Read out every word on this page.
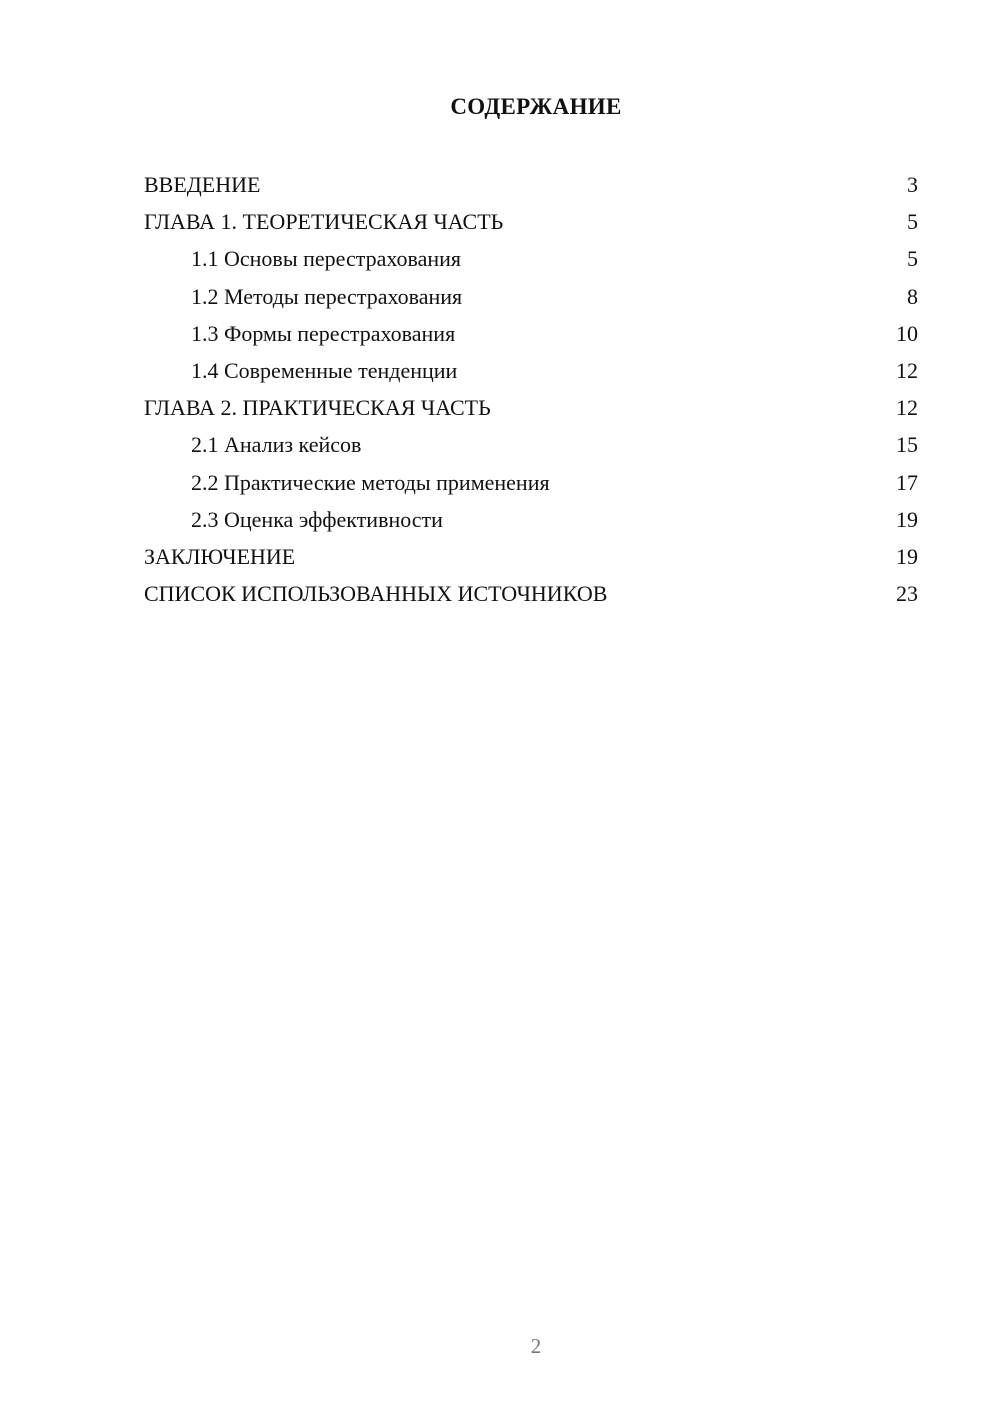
СОДЕРЖАНИЕ
ВВЕДЕНИЕ	3
ГЛАВА 1. ТЕОРЕТИЧЕСКАЯ ЧАСТЬ	5
1.1 Основы перестрахования	5
1.2 Методы перестрахования	8
1.3 Формы перестрахования	10
1.4 Современные тенденции	12
ГЛАВА 2. ПРАКТИЧЕСКАЯ ЧАСТЬ	12
2.1 Анализ кейсов	15
2.2 Практические методы применения	17
2.3 Оценка эффективности	19
ЗАКЛЮЧЕНИЕ	19
СПИСОК ИСПОЛЬЗОВАННЫХ ИСТОЧНИКОВ	23
2
